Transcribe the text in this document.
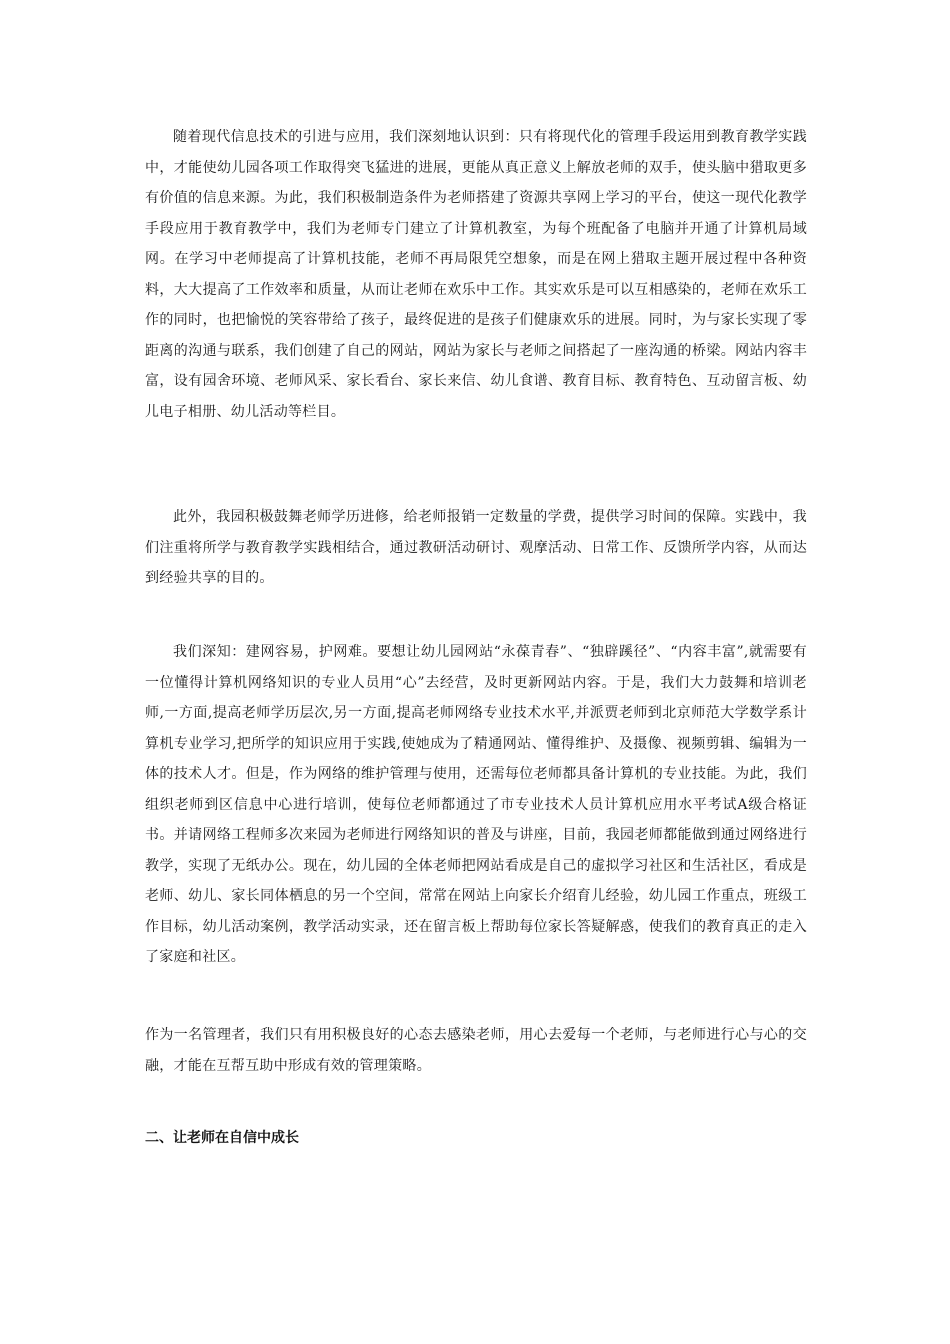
随着现代信息技术的引进与应用，我们深刻地认识到：只有将现代化的管理手段运用到教育教学实践中，才能使幼儿园各项工作取得突飞猛进的进展，更能从真正意义上解放老师的双手，使头脑中猎取更多有价值的信息来源。为此，我们积极制造条件为老师搭建了资源共享网上学习的平台，使这一现代化教学手段应用于教育教学中，我们为老师专门建立了计算机教室，为每个班配备了电脑并开通了计算机局域网。在学习中老师提高了计算机技能，老师不再局限凭空想象，而是在网上猎取主题开展过程中各种资料，大大提高了工作效率和质量，从而让老师在欢乐中工作。其实欢乐是可以互相感染的，老师在欢乐工作的同时，也把愉悦的笑容带给了孩子，最终促进的是孩子们健康欢乐的进展。同时，为与家长实现了零距离的沟通与联系，我们创建了自己的网站，网站为家长与老师之间搭起了一座沟通的桥梁。网站内容丰富，设有园舍环境、老师风采、家长看台、家长来信、幼儿食谱、教育目标、教育特色、互动留言板、幼儿电子相册、幼儿活动等栏目。

此外，我园积极鼓舞老师学历进修，给老师报销一定数量的学费，提供学习时间的保障。实践中，我们注重将所学与教育教学实践相结合，通过教研活动研讨、观摩活动、日常工作、反馈所学内容，从而达到经验共享的目的。

我们深知：建网容易，护网难。要想让幼儿园网站“永葆青春”、“独辟蹊径”、“内容丰富”,就需要有一位懂得计算机网络知识的专业人员用“心”去经营，及时更新网站内容。于是，我们大力鼓舞和培训老师,一方面,提高老师学历层次,另一方面,提高老师网络专业技术水平,并派贾老师到北京师范大学数学系计算机专业学习,把所学的知识应用于实践,使她成为了精通网站、懂得维护、及摄像、视频剪辑、编辑为一体的技术人才。但是，作为网络的维护管理与使用，还需每位老师都具备计算机的专业技能。为此，我们组织老师到区信息中心进行培训，使每位老师都通过了市专业技术人员计算机应用水平考试A级合格证书。并请网络工程师多次来园为老师进行网络知识的普及与讲座，目前，我园老师都能做到通过网络进行教学，实现了无纸办公。现在，幼儿园的全体老师把网站看成是自己的虚拟学习社区和生活社区，看成是老师、幼儿、家长同体栖息的另一个空间，常常在网站上向家长介绍育儿经验，幼儿园工作重点，班级工作目标，幼儿活动案例，教学活动实录，还在留言板上帮助每位家长答疑解惑，使我们的教育真正的走入了家庭和社区。

作为一名管理者，我们只有用积极良好的心态去感染老师，用心去爱每一个老师，与老师进行心与心的交融，才能在互帮互助中形成有效的管理策略。

二、让老师在自信中成长
